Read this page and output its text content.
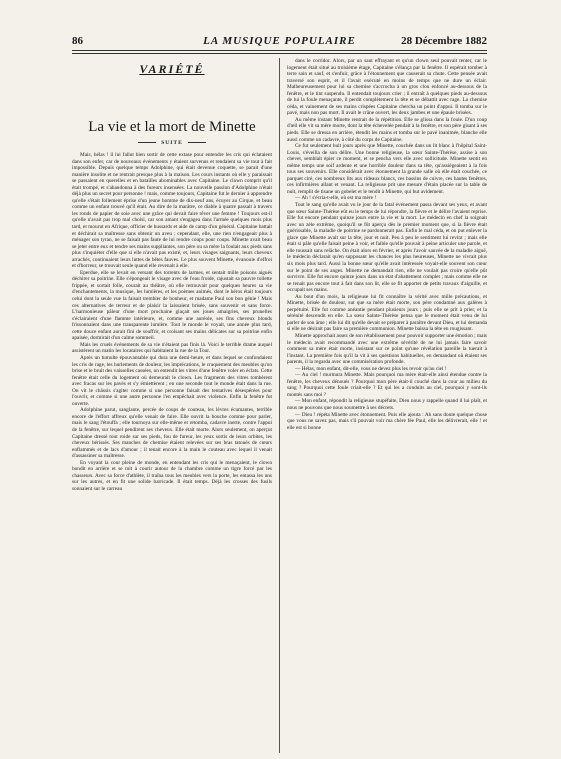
86	LA MUSIQUE POPULAIRE	28 Décembre 1882

Mais, hélas ! il lui fallut bien sortir de cette extase pour entendre les cris qui éclataient dans son enfer, car de nouveaux événements y étaient survenus et rendaient sa vie tout à fait impossible. Depuis quelque temps Adolphine, qui était devenue coquette, se parait d'une manière insolite et ne rentrait presque plus à la maison. Les cours instants où elle y paraissait se passaient en querelles et en batailles abominables avec Capitaine. Le clown comprit qu'il était trompé, et s'abandonna à des fureurs insensées. La nouvelle passion d'Adolphine n'était déjà plus un secret pour personne ! mais, comme toujours, Capitaine fut le dernier à apprendre qu'elle s'était follement éprise d'un jeune homme de dix-neuf ans, écuyer au Cirque, et beau comme un enfant trouvé qu'il était. Au dire de la marâtre, ce diable à quatre passait à travers les ronds de papier de soie avec une grâce qui devait faire rêver une femme ! Toujours est-il qu'elle n'avait pas trop mal choisi, car son amant s'engagea dans l'armée quelques mois plus tard, et mourut en Afrique, officier de hussards et aide de camp d'un général. Capitaine battait et déchirait sa maîtresse sans obtenir un aveu ; cependant, elle, une rien n'engageait plus à ménager son tyran, ne se faisait pas faute de lui rendre coups pour coups. Minette avait beau se jeter entre eux et tendre ses mains suppliantes, son père ou sa mère la foulait aux pieds sans plus s'inquiéter d'elle que si elle n'avait pas existé, et, leurs visages saignants, leurs cheveux arrachés, continuaient leurs luttes de bêtes fauves. Le plus souvent Minette, évanouie d'effroi et d'horreur, se trouvait seule quand elle revenait à elle.

Eperdue, elle se levait en versant des torrents de larmes, et sentait mille poisons aigués déchirer sa poitrine. Elle s'épongeait le visage avec de l'eau froide, rajustait sa pauvre toilette frippée, et sortait folle, courait au théâtre, où elle retrouvait pour quelques heures sa vie d'enchantements, la musique, les lumières, et les poèmes animés, dont le héros était toujours celui dont la seule vue la faisait trembler de bonheur, et madame Paul son bon génie ! Mais ces alternatives de terreur et de plaisir la laissaient brisée, sans souvenir et sans force. L'harmonieuse pâleur d'une mort prochaine glaçait ses joues amaigries, ses prunelles s'éclairaient d'une flamme intérieure, et, comme une auréole, ses fins cheveux blonds frissonnaient dans une transparente lumière. Tout le monde le voyait, une année plus tard, cette douce enfant aurait fini de souffrir, et croisant ses mains délicates sur sa poitrine enfin apaisée, dormirait d'un calme sommeil.

Mais les cruels événements de sa vie n'étaient pas finis là. Voici le terrible drame auquel assistèrent un matin les locataires qui habitaient la rue de la Tour.

Après un tumulte épouvantable qui dura une demi-heure, et dans lequel se confondaient les cris de rage, les hurlements de douleur, les imprécations, le craquement des meubles qu'on brise et le bruit des vaisselles cassées, on entendit les vitres d'une fenêtre voler en éclats. Cette fenêtre était celle du logement où demeurait le clown. Les fragments des vitres tombèrent avec fracas sur les pavés et s'y émiettèrent ; en une seconde tout le monde était dans la rue. On vit le châssis s'agiter comme si une personne faisait des tentatives désespérées pour l'ouvrir, et comme si une autre personne l'en empêchait avec violence. Enfin la fenêtre fut ouverte.

Adolphine parut, sanglante, percée de coups de couteau, les lèvres écumantes, terrible encore de l'effort affreux qu'elle venait de faire. Elle ouvrit la bouche comme pour parler, mais le sang l'étouffa ; elle tournoya sur elle-même et retomba, cadavre inerte, contre l'appui de la fenêtre, sur lequel pendirent ses cheveux. Elle était morte. Alors seulement, on aperçut Capitaine dressé tout roide sur ses pieds, fou de fureur, les yeux sortis de leurs orbites, les cheveux hérissés. Ses manches de chemise étaient relevées sur ses bras tatoués de cœurs enflammés et de lacs d'amour ; il tenait encore à la main le couteau avec lequel il venait d'assassiner sa maîtresse.

En voyant la cour pleine de monde, en entendant les cris qui le menaçaient, le clown bondit en arrière et se mit à courir autour de la chambre comme un tigre forcé par les chasseurs. Avec sa force d'athlète, il traîna tous les meubles vers la porte, les entassa les uns sur les autres, et en fit une solide barricade. Il était temps. Déjà les crosses des fusils sonnaient sur le carreau

VARIÉTÉ
La vie et la mort de Minette
SUITE

dans le corridor. Alors, par un saut effrayant et qu'un clown seul pouvait tenter, car le logement était situé au troisième étage, Capitaine s'élança par la fenêtre. Il espérait tomber à terre sain et sauf, et s'enfuir, grâce à l'étonnement que causerait sa chute. Cette pensée avait traversé son esprit, et il l'avait exécuté en moins de temps que ne dure un éclair. Malheureusement pour lui sa chemise s'accrocha à un gros clou enfoncé au-dessous de la fenêtre, et le tint suspendu. Il entendait toujours crier ; il entraît à quelques pieds au-dessous de lui la foule menaçante, il perdit complètement la tête et se débattit avec rage. La chemise céda, et vainement de ses mains crispées Capitaine chercha un point d'appui. Il tomba sur le pavé, mais non pas mort. Il avait le crâne ouvert, les deux jambes et une épaule brisées.

Au même instant Minette rentrait de la répétition. Elle se glissa dans la foule. D'un coup d'œil elle vit sa mère morte, dont la tête échevelée pendait à la fenêtre, et son père gisant à ses pieds. Elle se dressa en arrière, étendit les mains et tomba sur le pavé inanimée, blanche elle aussi comme un cadavre, à côté du corps de Capitaine.

Ce fut seulement huit jours après que Minette, couchée dans un lit blanc à l'hôpital Saint-Louis, s'éveilla de son délire. Une bonne religieuse, la sœur Sainte-Thérèse, assise à son chevet, semblait épier ce moment, et se pencha vers elle avec sollicitude. Minette sentit en même temps une soif ardente et une horrible douleur dans sa tête, qu'assiégeaient à la fois tous ses souvenirs. Elle considérait avec étonnement la grande salle où elle était couchée, ce parquet ciré, ces nombreux lits aux rideaux blancs, ces bassins de cuivre, ces hautes fenêtres, ces infirmières allant et venant. La religieuse prit une mesure d'étain placée sur la table de nuit, remplit de tisane un gobelet et le tendit à Minette, qui but avidement.

— Ah ! s'écria-t-elle, où est ma mère !

Tout le sang qu'elle avait vu le jour de la fatal événement passa devant ses yeux, et avant que sœur Sainte-Thérèse eût eu le temps de lui répondre, la fièvre et le délire l'avaient reprise. Elle fut encore pendant quinze jours entre la vie et la mort. Le médecin en chef la soignait avec un zèle extrême, quoiqu'il se fût aperçu dès le premier moment que, si la fièvre était guérissable, la maladie de poitrine se pardonnerait pas. Enfin le mal céda, et on put enlever la glace que Minette avait sur la tête, jour et nuit. Peu à peu le sentiment lui revint ; mais elle était si pâle qu'elle faisait peine à voir, et faible qu'elle pouvait à peine articuler une parole, et elle toussait sans relâche. On était alors en février, et après l'avoir sauvée de la maladie aiguë, le médecin déclarait qu'en supposant les chances les plus heureuses, Minette ne vivrait plus six mois plus tard. Aussi la bonne sœur qu'elle avait intéressée voyait-elle souvent son cœur sur le point de ses anges. Minette ne demandait rien, elle ne voulait pas croire qu'elle pût survivre. Elle fut encore quinze jours dans un état d'abattement complet ; mais comme elle ne se tenait pas encore tout à fait dans son lit, elle se fit apporter de petits travaux d'aiguille, et occupait ses mains.

Au bout d'un mois, la religieuse lui fit connaître la vérité avec mille précautions, et Minette, brisée de douleur, sut que sa mère était morte, son père condamné aux galères à perpétuité. Elle fut comme anéantie pendant plusieurs jours ; puis elle se prit à prier, et la sérénité descendit en elle. La sœur Sainte-Thérèse pensa que le moment était venu de lui parler de son âme ; elle lui dit qu'elle devait se préparer à paraître devant Dieu, et lui demanda si elle ne désirait pas faire sa première communion. Minette baissa la tête en rougissant.

Minette approchait assez de son rétablissement pour pouvoir supporter une émotion ; mais le médecin avait recommandé avec une extrême sévérité de ne lui jamais faire savoir comment sa mère était morte, insistant sur ce point qu'une révélation pareille la tuerait à l'instant. La première fois qu'il la vit à ses questions habituelles, en demandant où étaient ses parents, il la regarda avec une commisération profonde.

— Hélas, mon enfant, dit-elle, vous ne devez plus les revoir qu'au ciel !

— Au ciel ! murmura Minette. Mais pourquoi ma mère était-elle ainsi étendue contre la fenêtre, les cheveux dénoués ? Pourquoi mon père était-il couché dans la cour au milieu du sang ? Pourquoi cette foule criait-elle ? Et qui les a conduits au ciel, pourquoi y sont-ils montés sans moi ?

— Mon enfant, répondit la religieuse stupéfaite, Dieu nous y rappelle quand il lui plaît, et nous ne pouvons que nous soumettre à ses décrets.

— Dieu ! répéta Minette avec étonnement. Puis elle ajouta : Ah sans doute quelque chose que vous ne savez pas, mais s'il pouvait voir ma chère fée Paul, elle les délivrerait, elle ! et elle est si bonne
